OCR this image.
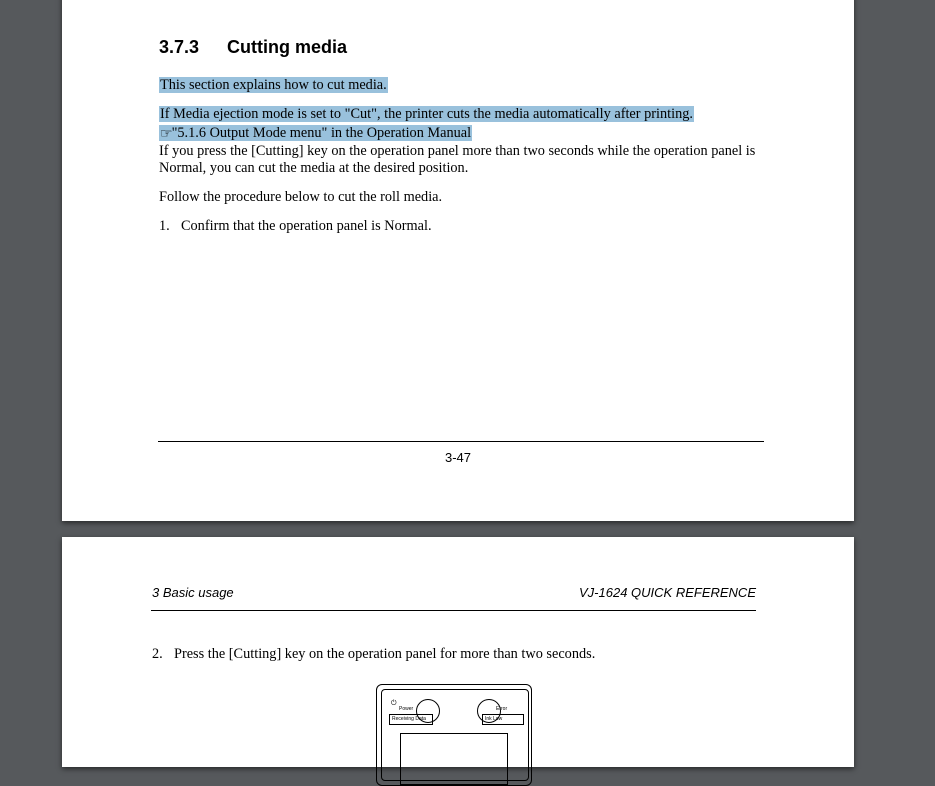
3.7.3 Cutting media
This section explains how to cut media.
If Media ejection mode is set to "Cut", the printer cuts the media automatically after printing.
☞"5.1.6 Output Mode menu" in the Operation Manual
If you press the [Cutting] key on the operation panel more than two seconds while the operation panel is
Normal, you can cut the media at the desired position.
Follow the procedure below to cut the roll media.
1. Confirm that the operation panel is Normal.
3-47
3 Basic usage	VJ-1624 QUICK REFERENCE
2. Press the [Cutting] key on the operation panel for more than two seconds.
⏻
Power
Receiving Data
Error
Ink Low
